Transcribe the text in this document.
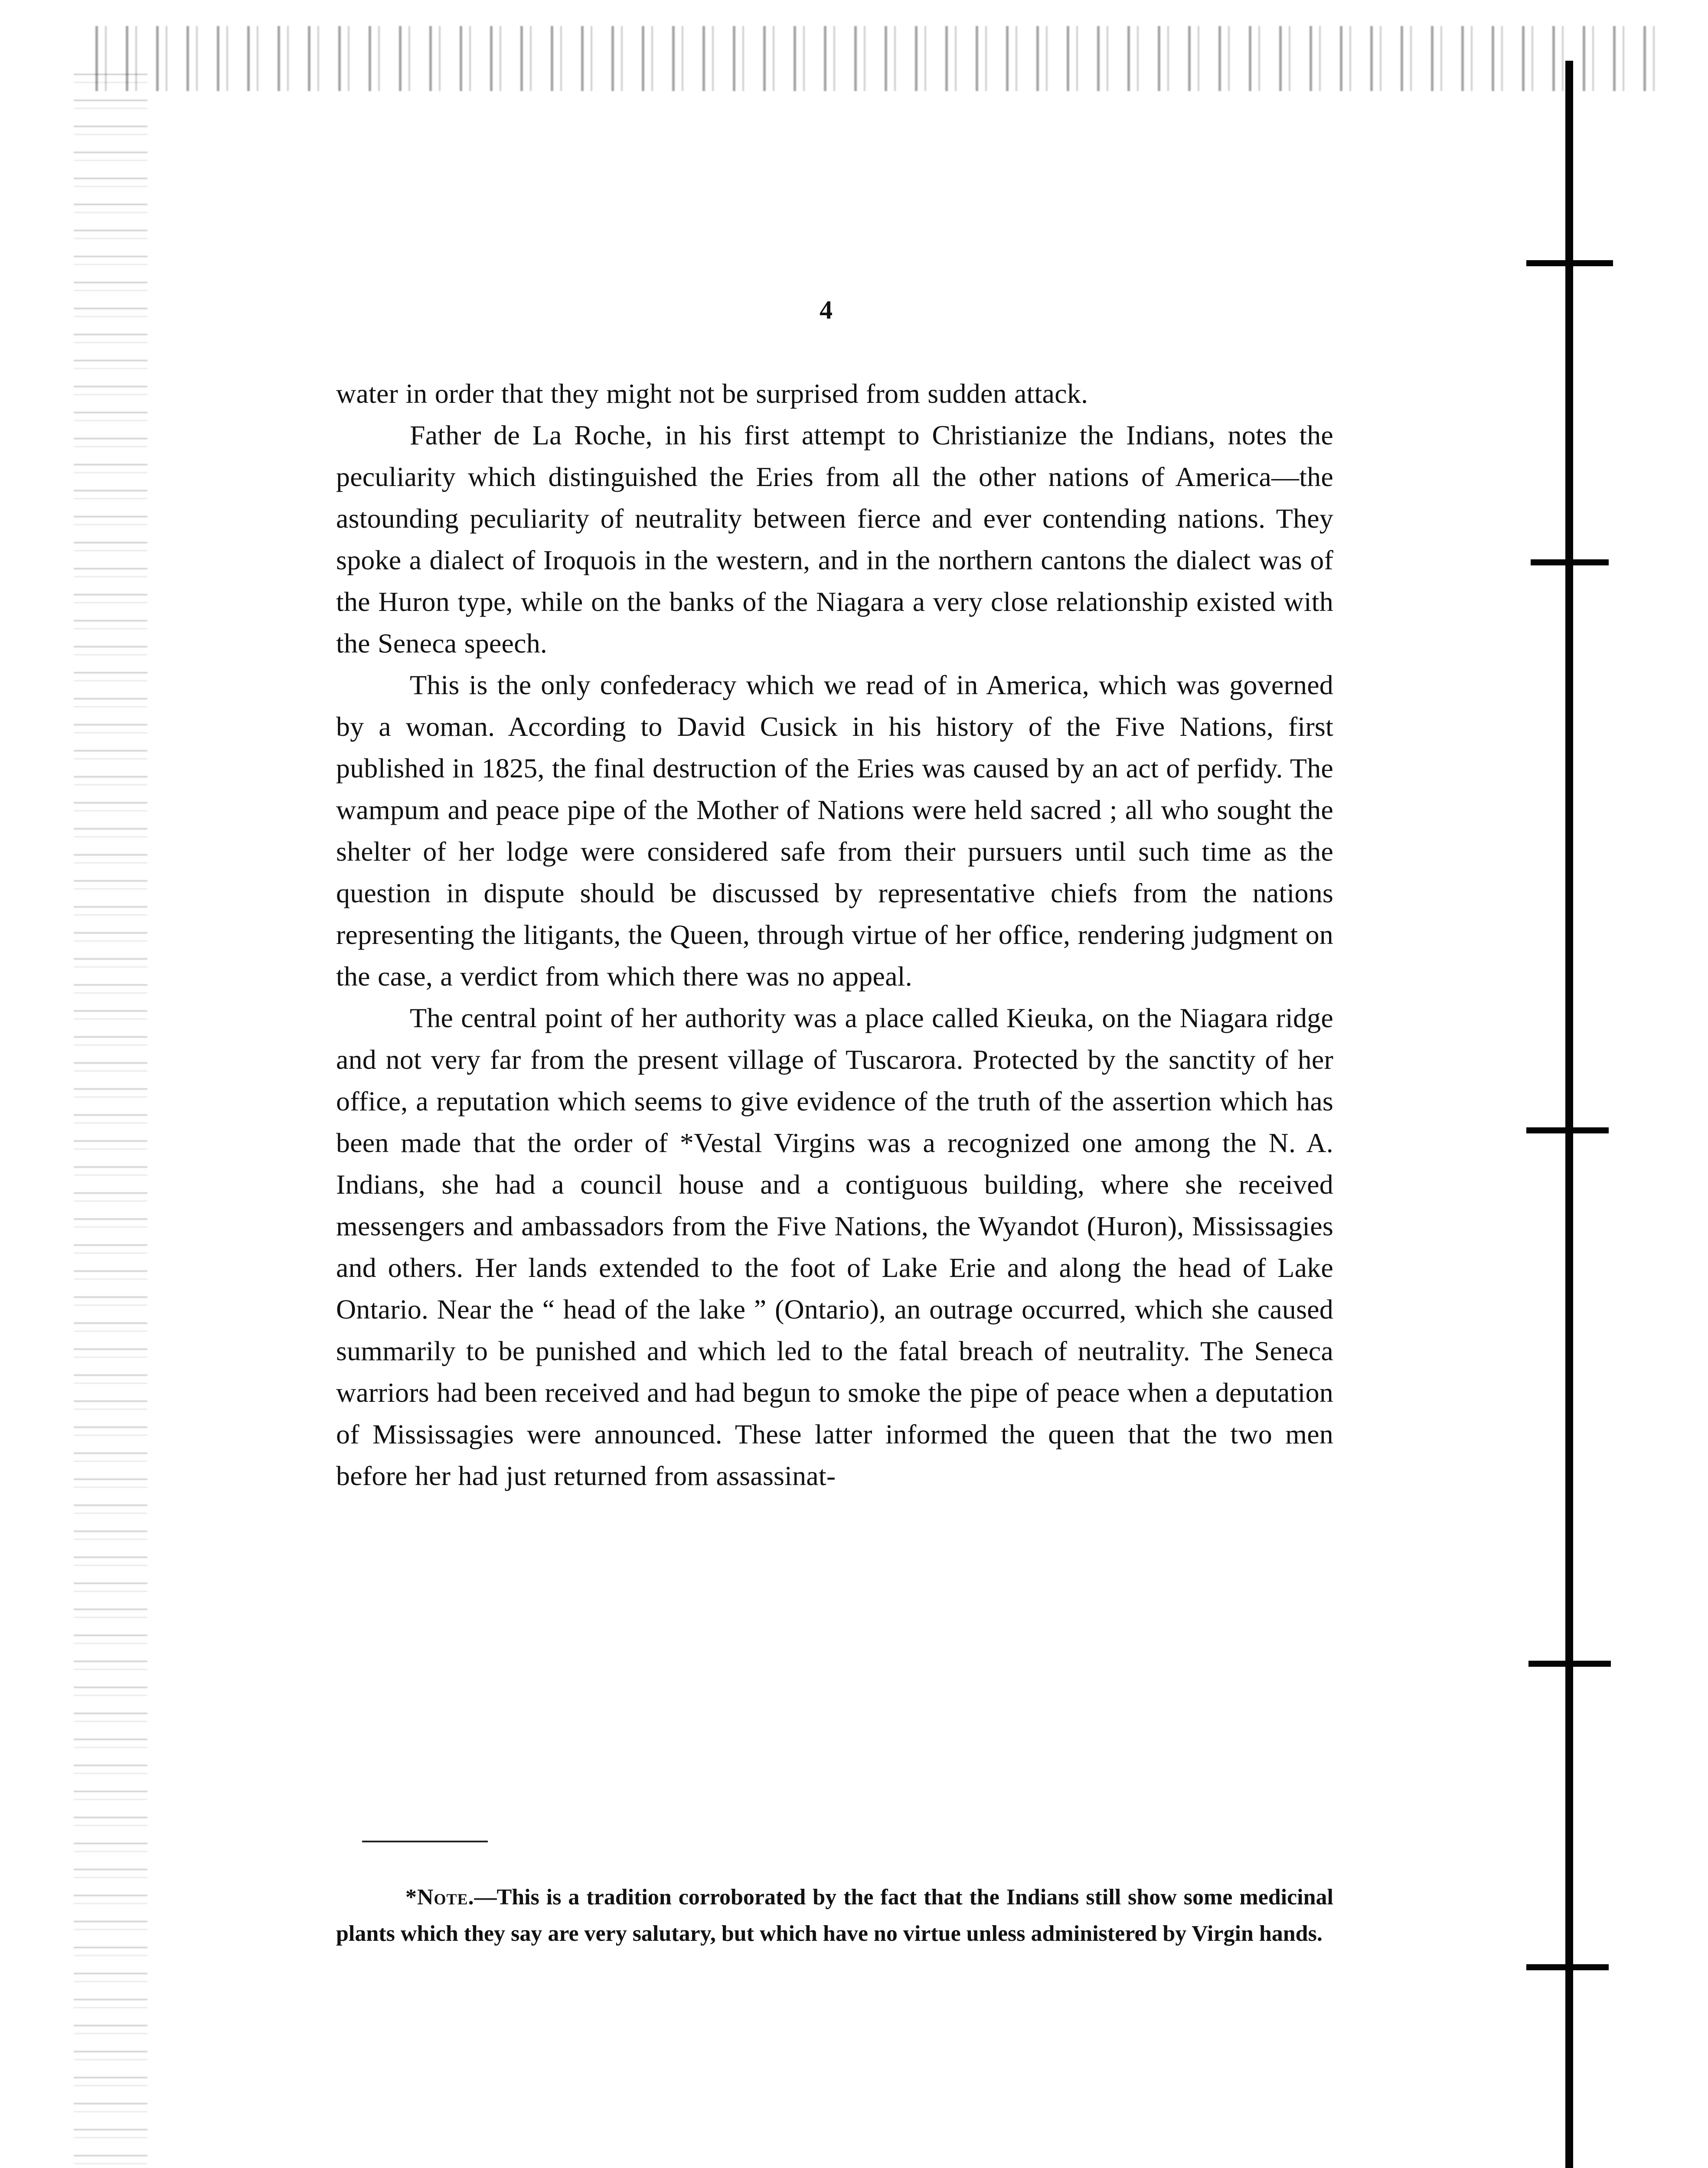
4

water in order that they might not be surprised from sudden attack.

Father de La Roche, in his first attempt to Christianize the Indians, notes the peculiarity which distinguished the Eries from all the other nations of America—the astounding peculiarity of neutrality between fierce and ever contending nations. They spoke a dialect of Iroquois in the western, and in the northern cantons the dialect was of the Huron type, while on the banks of the Niagara a very close relationship existed with the Seneca speech.

This is the only confederacy which we read of in America, which was governed by a woman. According to David Cusick in his history of the Five Nations, first published in 1825, the final destruction of the Eries was caused by an act of perfidy. The wampum and peace pipe of the Mother of Nations were held sacred ; all who sought the shelter of her lodge were considered safe from their pursuers until such time as the question in dispute should be discussed by representative chiefs from the nations representing the litigants, the Queen, through virtue of her office, rendering judgment on the case, a verdict from which there was no appeal.

The central point of her authority was a place called Kieuka, on the Niagara ridge and not very far from the present village of Tuscarora. Protected by the sanctity of her office, a reputation which seems to give evidence of the truth of the assertion which has been made that the order of *Vestal Virgins was a recognized one among the N. A. Indians, she had a council house and a contiguous building, where she received messengers and ambassadors from the Five Nations, the Wyandot (Huron), Mississagies and others. Her lands extended to the foot of Lake Erie and along the head of Lake Ontario. Near the “ head of the lake ” (Ontario), an outrage occurred, which she caused summarily to be punished and which led to the fatal breach of neutrality. The Seneca warriors had been received and had begun to smoke the pipe of peace when a deputation of Mississagies were announced. These latter informed the queen that the two men before her had just returned from assassinat-

*Note.—This is a tradition corroborated by the fact that the Indians still show some medicinal plants which they say are very salutary, but which have no virtue unless administered by Virgin hands.
